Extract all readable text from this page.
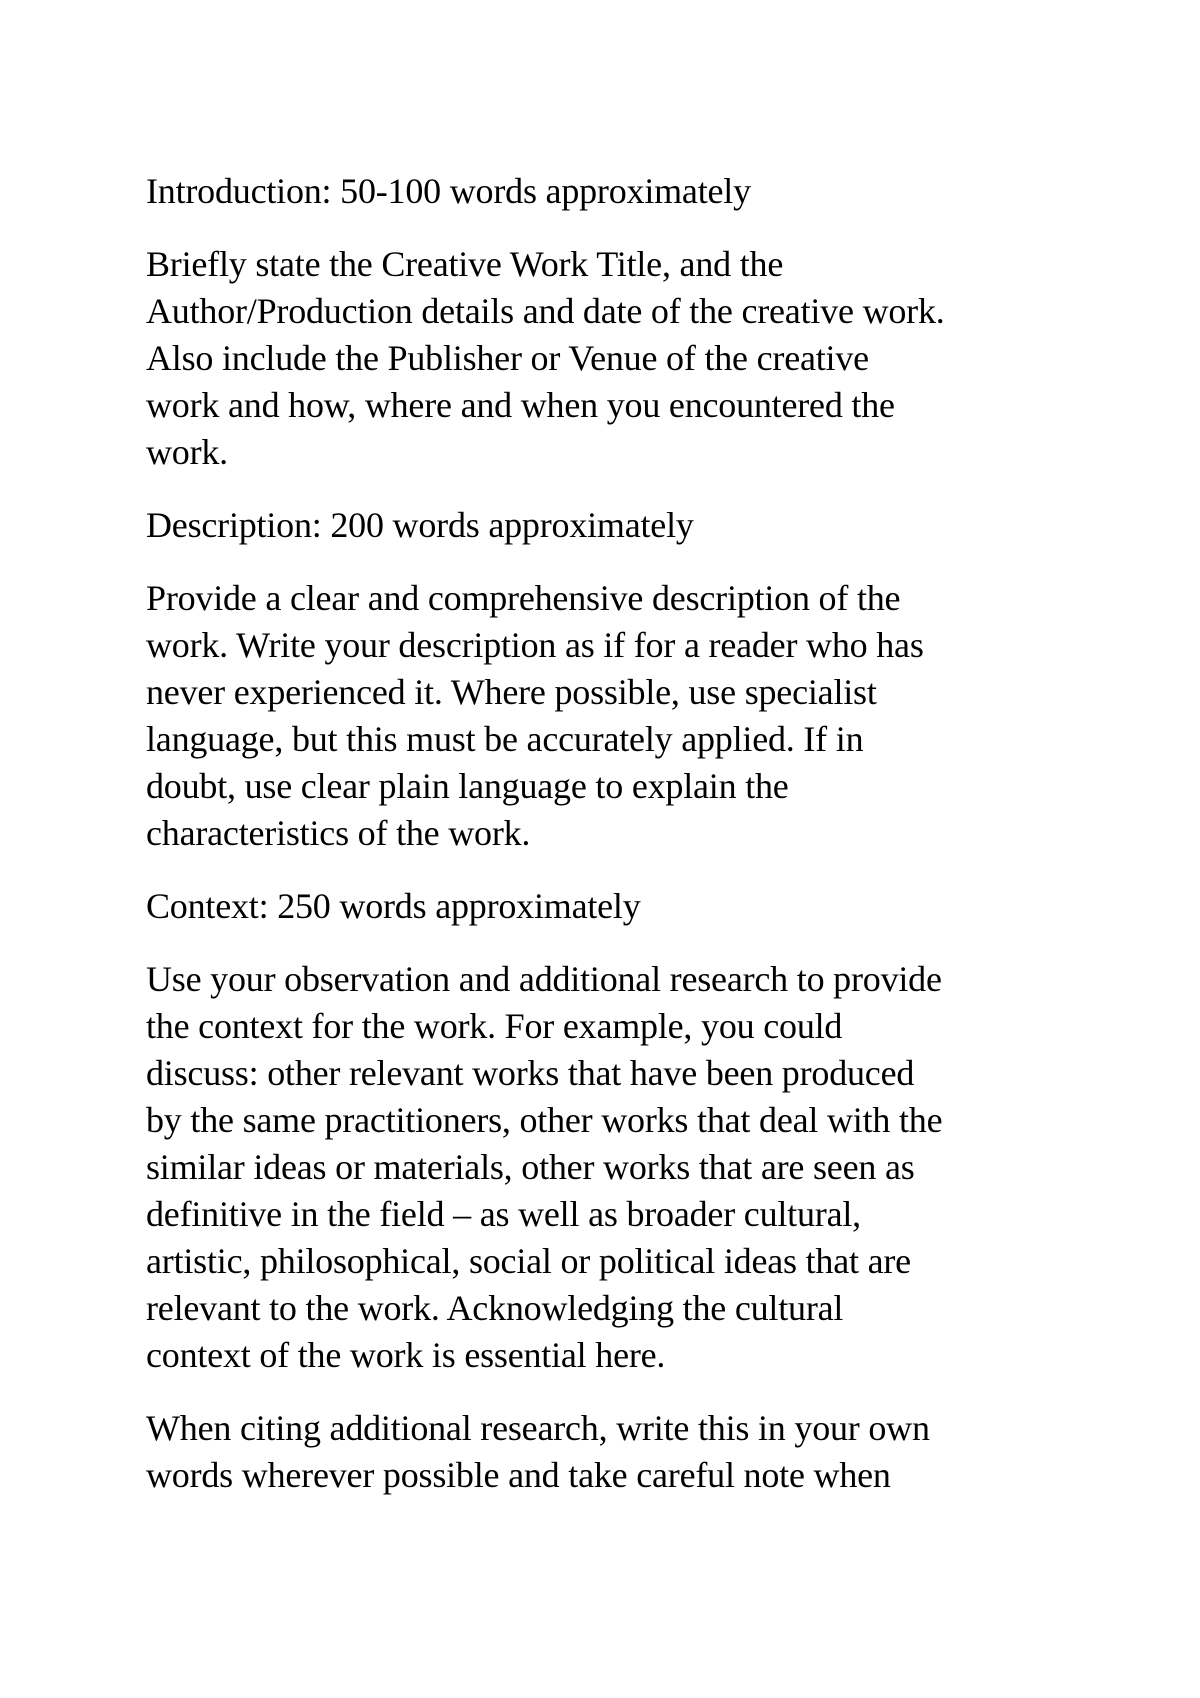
Introduction: 50-100 words approximately

Briefly state the Creative Work Title, and the
Author/Production details and date of the creative work.
Also include the Publisher or Venue of the creative
work and how, where and when you encountered the
work.

Description: 200 words approximately

Provide a clear and comprehensive description of the
work. Write your description as if for a reader who has
never experienced it. Where possible, use specialist
language, but this must be accurately applied. If in
doubt, use clear plain language to explain the
characteristics of the work.

Context: 250 words approximately

Use your observation and additional research to provide
the context for the work. For example, you could
discuss: other relevant works that have been produced
by the same practitioners, other works that deal with the
similar ideas or materials, other works that are seen as
definitive in the field – as well as broader cultural,
artistic, philosophical, social or political ideas that are
relevant to the work. Acknowledging the cultural
context of the work is essential here.

When citing additional research, write this in your own
words wherever possible and take careful note when
